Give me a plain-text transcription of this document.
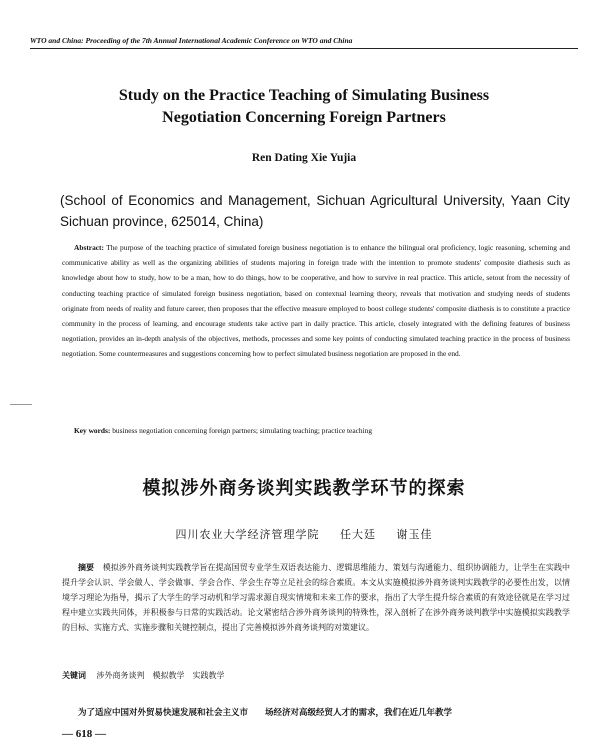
WTO and China: Proceeding of the 7th Annual International Academic Conference on WTO and China
Study on the Practice Teaching of Simulating Business
Negotiation Concerning Foreign Partners
Ren Dating Xie Yujia
(School of Economics and Management, Sichuan Agricultural University, Yaan City Sichuan province, 625014, China)
Abstract: The purpose of the teaching practice of simulated foreign business negotiation is to enhance the bilingual oral proficiency, logic reasoning, scheming and communicative ability as well as the organizing abilities of students majoring in foreign trade with the intention to promote students' composite diathesis such as knowledge about how to study, how to be a man, how to do things, how to be cooperative, and how to survive in real practice. This article, setout from the necessity of conducting teaching practice of simulated foreign business negotiation, based on contextual learning theory, reveals that motivation and studying needs of students originate from needs of reality and future career, then proposes that the effective measure employed to boost college students' composite diathesis is to constitute a practice community in the process of learning, and encourage students take active part in daily practice. This article, closely integrated with the defining features of business negotiation, provides an in-depth analysis of the objectives, methods, processes and some key points of conducting simulated teaching practice in the process of business negotiation. Some countermeasures and suggestions concerning how to perfect simulated business negotiation are proposed in the end.
Key words: business negotiation concerning foreign partners; simulating teaching; practice teaching
模拟涉外商务谈判实践教学环节的探索
四川农业大学经济管理学院 任大廷 谢玉佳
摘要 模拟涉外商务谈判实践教学旨在提高国贸专业学生双语表达能力、逻辑思维能力、策划与沟通能力、组织协调能力，让学生在实践中提升学会认识、学会做人、学会做事、学会合作、学会生存等立足社会的综合素质。本文从实施模拟涉外商务谈判实践教学的必要性出发，以情境学习理论为指导，揭示了大学生的学习动机和学习需求源自现实情境和未来工作的要求，指出了大学生提升综合素质的有效途径就是在学习过程中建立实践共同体，并积极参与日常的实践活动。论文紧密结合涉外商务谈判的特殊性，深入剖析了在涉外商务谈判教学中实施模拟实践教学的目标、实施方式、实施步骤和关键控制点，提出了完善模拟涉外商务谈判的对策建议。
关键词 涉外商务谈判　模拟教学　实践教学
为了适应中国对外贸易快速发展和社会主义市　　场经济对高级经贸人才的需求，我们在近几年教学
— 618 —
